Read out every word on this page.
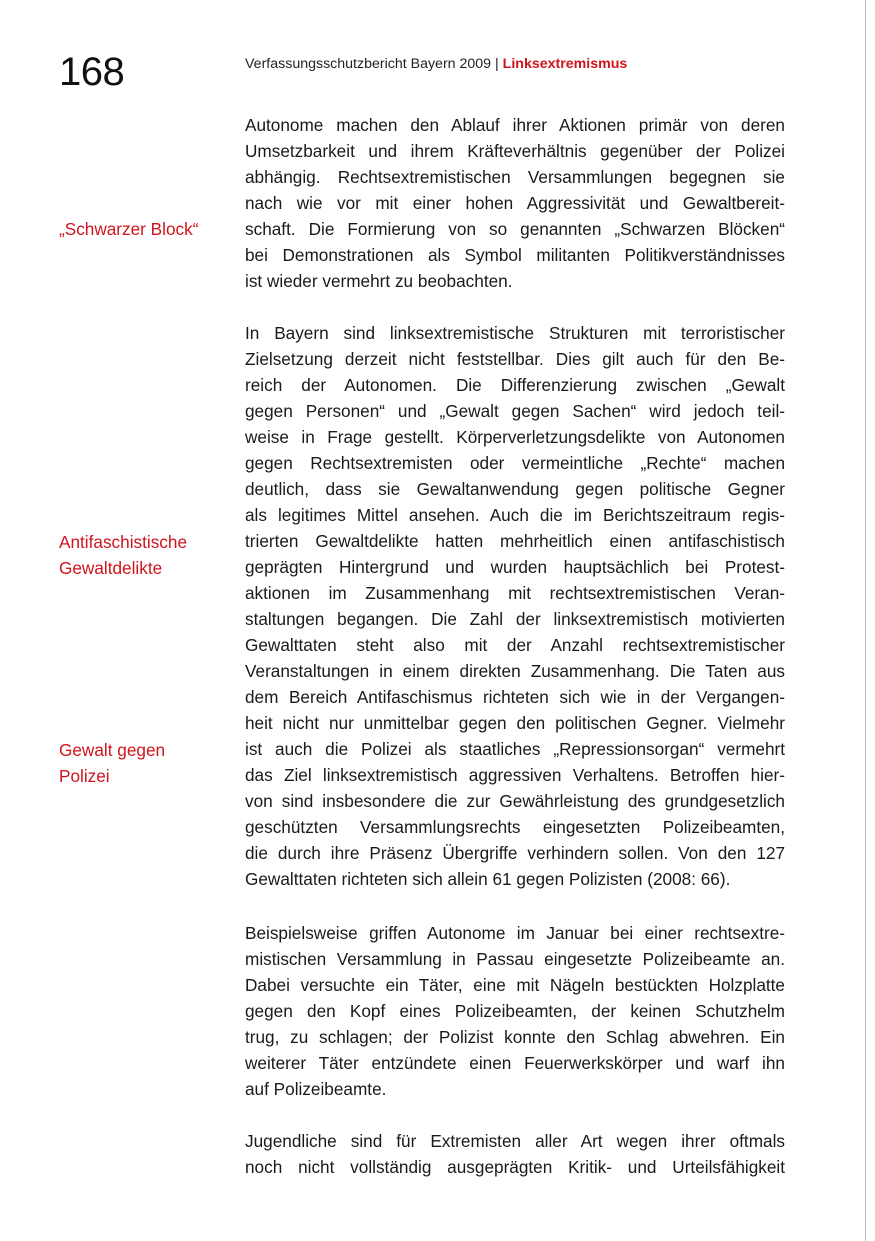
168	Verfassungsschutzbericht Bayern 2009 | Linksextremismus
„Schwarzer Block“
Antifaschistische
Gewaltdelikte
Gewalt gegen
Polizei
Autonome machen den Ablauf ihrer Aktionen primär von deren
Umsetzbarkeit und ihrem Kräfteverhältnis gegenüber der Polizei
abhängig. Rechtsextremistischen Versammlungen begegnen sie
nach wie vor mit einer hohen Aggressivität und Gewaltbereit-
schaft. Die Formierung von so genannten „Schwarzen Blöcken“
bei Demonstrationen als Symbol militanten Politikverständnisses
ist wieder vermehrt zu beobachten.
In Bayern sind linksextremistische Strukturen mit terroristischer
Zielsetzung derzeit nicht feststellbar. Dies gilt auch für den Be-
reich der Autonomen. Die Differenzierung zwischen „Gewalt
gegen Personen“ und „Gewalt gegen Sachen“ wird jedoch teil-
weise in Frage gestellt. Körperverletzungsdelikte von Autonomen
gegen Rechtsextremisten oder vermeintliche „Rechte“ machen
deutlich, dass sie Gewaltanwendung gegen politische Gegner
als legitimes Mittel ansehen. Auch die im Berichtszeitraum regis-
trierten Gewaltdelikte hatten mehrheitlich einen antifaschistisch
geprägten Hintergrund und wurden hauptsächlich bei Protest-
aktionen im Zusammenhang mit rechtsextremistischen Veran-
staltungen begangen. Die Zahl der linksextremistisch motivierten
Gewalttaten steht also mit der Anzahl rechtsextremistischer
Veranstaltungen in einem direkten Zusammenhang. Die Taten aus
dem Bereich Antifaschismus richteten sich wie in der Vergangen-
heit nicht nur unmittelbar gegen den politischen Gegner. Vielmehr
ist auch die Polizei als staatliches „Repressionsorgan“ vermehrt
das Ziel linksextremistisch aggressiven Verhaltens. Betroffen hier-
von sind insbesondere die zur Gewährleistung des grundgesetzlich
geschützten Versammlungsrechts eingesetzten Polizeibeamten,
die durch ihre Präsenz Übergriffe verhindern sollen. Von den 127
Gewalttaten richteten sich allein 61 gegen Polizisten (2008: 66).
Beispielsweise griffen Autonome im Januar bei einer rechtsextre-
mistischen Versammlung in Passau eingesetzte Polizeibeamte an.
Dabei versuchte ein Täter, eine mit Nägeln bestückten Holzplatte
gegen den Kopf eines Polizeibeamten, der keinen Schutzhelm
trug, zu schlagen; der Polizist konnte den Schlag abwehren. Ein
weiterer Täter entzündete einen Feuerwerkskörper und warf ihn
auf Polizeibeamte.
Jugendliche sind für Extremisten aller Art wegen ihrer oftmals
noch nicht vollständig ausgeprägten Kritik- und Urteilsfähigkeit
